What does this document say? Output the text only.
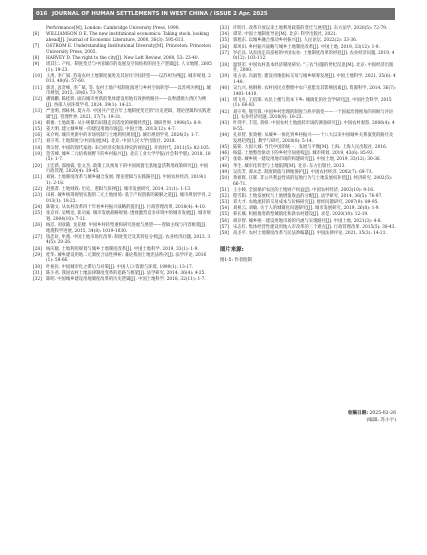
016 JOURNAL OF HUMAN SETTLEMENTS IN WEST CHINA / ISSUE 2 Apr. 2025
Performance[M]. London: Cambridge University Press, 1990.
[6]	WILLIAMSON O E. The new institutional economics: Taking stock, looking ahead[J]. Journal of Economic Literature, 2000, 38(3): 595-613.
[7]	OSTROM E. Understanding Institutional Diversity[M]. Princeton: Princeton University Press, 2005.
[8]	HARVEY D. The right to the city[J]. New Left Review, 2008, 53: 23-40.
[9]	周其仁. 产权、制度变迁与中国城市的发展及空间结构的再生产逻辑[J]. 人文地理, 2005(1): 19-23.
[10] 王禹, 李广斌. 苏南农村土地制度演进及其居住空间转型——以苏州为例[J]. 城市规划, 2013, 40(6): 57-60.
[11] 郭炎, 袁奇峰, 李广斌, 等. 农村土地产权制度演进与乡村空间转型——以苏州为例[J]. 城市规划, 2015, 39(6): 73-79.
[12] 潘锦鹏, 陈桂娇. 面向城市更新的集体建设用地有效供给路径——以粤港澳大湾区为例[J]. 西部人居环境学刊, 2024, 39(1): 14-21.
[13] 严金明, 郭栋林, 夏方舟. 中国共产党百年土地制度变迁的"历史逻辑、理论逻辑和实践逻辑"[J]. 管理世界, 2021, 37(7): 19-31.
[14] 韩俊. 土地政策: 从小规模均田制走向适度的规模经营[J]. 调研世界, 1998(5): 8-9.
[15] 姜大明. 建立城乡统一的建设用地市场[J]. 中国土地, 2013(12): 4-7.
[16] 朱介鸣. 城市更新中的市场机制与土地利用规划[J]. 城市规划学刊, 2024(3): 1-7.
[17] 刘守英. 土地制度与中国发展[M]. 北京: 中国人民大学出版社, 2018.
[18] 黄宗智. 中国的现代家庭: 来自经济史和法律史的视角[J]. 开放时代, 2011(5): 82-105.
[19] 贺雪峰. 城乡二元结构视野下的乡村振兴[J]. 北京工业大学学报(社会科学版), 2018, 18(5): 1-7.
[20] 王宏新, 邵俊霖, 张文杰. 政策工具视角下的中国闲置宅基地盘活利用政策研究[J]. 中国行政管理, 2020(4): 39-45.
[21] 刘锐. 土地制度改革与城乡融合发展: 理论逻辑与实践路径[J]. 中国农村经济, 2019(11): 2-18.
[22] 赵燕菁. 土地财政: 历史、逻辑与抉择[J]. 城市发展研究, 2014, 21(1): 1-13.
[23] 田莉. 城乡统筹规划实施的二元土地困境: 基于产权创新的破解之道[J]. 城市规划学刊, 2013(1): 18-22.
[24] 陈锡文. 从农村改革四十年看乡村振兴战略的提出[J]. 行政管理改革, 2018(4): 4-10.
[25] 张京祥, 吴缚龙, 崔功豪. 城市发展战略规划: 透视激烈竞争环境中的城市发展[J]. 城市规划, 2004(10): 7-11.
[26] 杨忍, 刘彦随, 龙花楼. 中国乡村转型重构研究进展与展望——逻辑主线与内容框架[J]. 地理科学进展, 2015, 34(8): 1019-1030.
[27] 钱忠好, 牟燕. 中国土地市场化改革: 制度变迁及其特征分析[J]. 农业经济问题, 2013, 34(5): 20-26.
[28] 杨庆媛. 土地利用规划与城乡土地制度改革[J]. 中国土地科学, 2019, 33(1): 1-9.
[29] 桂华. 城乡建设用地二元制度合法性辨析: 兼论我国土地宪法秩序[J]. 法学评论, 2016(1): 58-66.
[30] 叶裕民. 中国城市化之滞后与对策[J]. 中国人口·资源与环境, 1999(1): 13-17.
[31] 陈小君. 我国农村土地法律制度变革的思路与框架[J]. 法学研究, 2014, 36(4): 4-25.
[32] 陈明. 中国城乡建设用地制度改革的历史逻辑[J]. 中国土地科学, 2018, 32(11): 1-7.
[33] 许明月. 改革开放以来土地利用政策的变迁与展望[J]. 东方法学, 2020(5): 72-79.
[34] 谭荣. 中国土地制度导论[M]. 北京: 科学出版社, 2021.
[35] 郭旭东. 以城乡融合推动乡村振兴[J]. 人民论坛, 2022(2): 33-36.
[36] 郑风田. 乡村振兴战略与城乡土地制度改革[J]. 中国土地, 2019, 33(12): 1-9.
[37] 罗必良. 从贫困走向富裕的中国农业: 土地制度改革的经验[J]. 农业经济问题, 2019, 40(12): 103-112.
[38] 温铁军. 中国农村基本经济制度研究: "三农"问题的世纪反思[M]. 北京: 中国经济出版社, 2000.
[39] 张占录, 冯淑怡. 建设用地指标交易与城乡统筹发展[J]. 中国土地科学, 2021, 35(6): 41-48.
[40] 吴九兴, 杨钢桥. 农村居民点整理中农户意愿及其影响因素[J]. 资源科学, 2014, 36(7): 1401-1410.
[41] 周飞舟, 王绍琛. 农民上楼与资本下乡: 城镇化的社会学研究[J]. 中国社会科学, 2015(1): 66-83.
[42] 刘守英, 熊雪锋. 中国乡村治理的制度与秩序演变——一个国家治理视角的回顾与评论[J]. 农业经济问题, 2018(9): 10-23.
[43] 叶剑平, 丰雷, 蒋妍. 中国农村土地流转市场的调查研究[J]. 中国农村观察, 2006(4): 48-55.
[44] 孔祥智, 张效榕. 从城乡一体化到乡村振兴——十八大以来中国城乡关系演变的路径及发展趋势[J]. 教学与研究, 2018(8): 5-14.
[45] 陆铭. 大国大城: 当代中国的统一、发展与平衡[M]. 上海: 上海人民出版社, 2016.
[46] 杨磊. 土地整治驱动下的乡村空间重构[J]. 城市规划, 2019, 43(6): 85-93.
[47] 张娟. 城乡统一建设用地市场的构建研究[J]. 中国土地, 2019, 33(12): 30-36.
[48] 华生. 城市化转型与土地陷阱[M]. 北京: 东方出版社, 2013.
[49] 吴次芳, 谭永忠. 制度缺陷与耕地保护[J]. 中国农村经济, 2002(7): 69-73.
[50] 黄祖辉, 汪晖. 非公共利益性质的征地行为与土地发展权补偿[J]. 经济研究, 2002(5): 66-71.
[51] 王小映. 全面保护农民的土地财产权益[J]. 中国农村经济, 2003(10): 9-16.
[52] 程雪阳. 土地发展权与土地增值收益的分配[J]. 法学研究, 2014, 36(5): 76-97.
[53] 邓大才. 农地流转的交易成本与价格研究[J]. 财经问题研究, 2007(9): 89-95.
[54] 刘祖云, 刘敏. 关于人的城镇化问题研究[J]. 城市发展研究, 2019, 26(8): 1-9.
[55] 韩长赋. 积极推进新型城镇化和新农村建设[J]. 求是, 2020(10): 12-19.
[56] 胡存智. 城乡统一建设用地市场的内涵与实现路径[J]. 中国土地, 2021(3): 4-8.
[57] 宋志红. 集体经营性建设用地入市改革的三个难点[J]. 行政管理改革, 2015(5): 38-43.
[58] 高圣平. 农村土地制度改革与民法典编纂[J]. 中国法律评论, 2021, 35(3): 14-21.
图片来源:
图1-5: 作者绘制
收稿日期: 2025-02-26
(编辑: 苏小宇)
